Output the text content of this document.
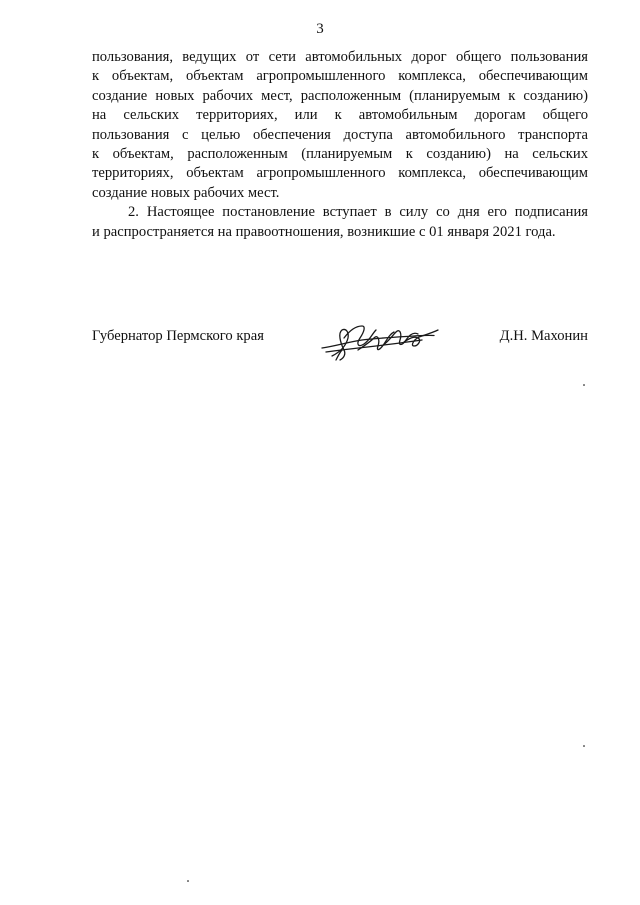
3
пользования, ведущих от сети автомобильных дорог общего пользования
к объектам, объектам агропромышленного комплекса, обеспечивающим
создание новых рабочих мест, расположенным (планируемым к созданию)
на сельских территориях, или к автомобильным дорогам общего
пользования с целью обеспечения доступа автомобильного транспорта
к объектам, расположенным (планируемым к созданию) на сельских
территориях, объектам агропромышленного комплекса, обеспечивающим
создание новых рабочих мест.
2. Настоящее постановление вступает в силу со дня его подписания
и распространяется на правоотношения, возникшие с 01 января 2021 года.
Губернатор Пермского края	Д.Н. Махонин
